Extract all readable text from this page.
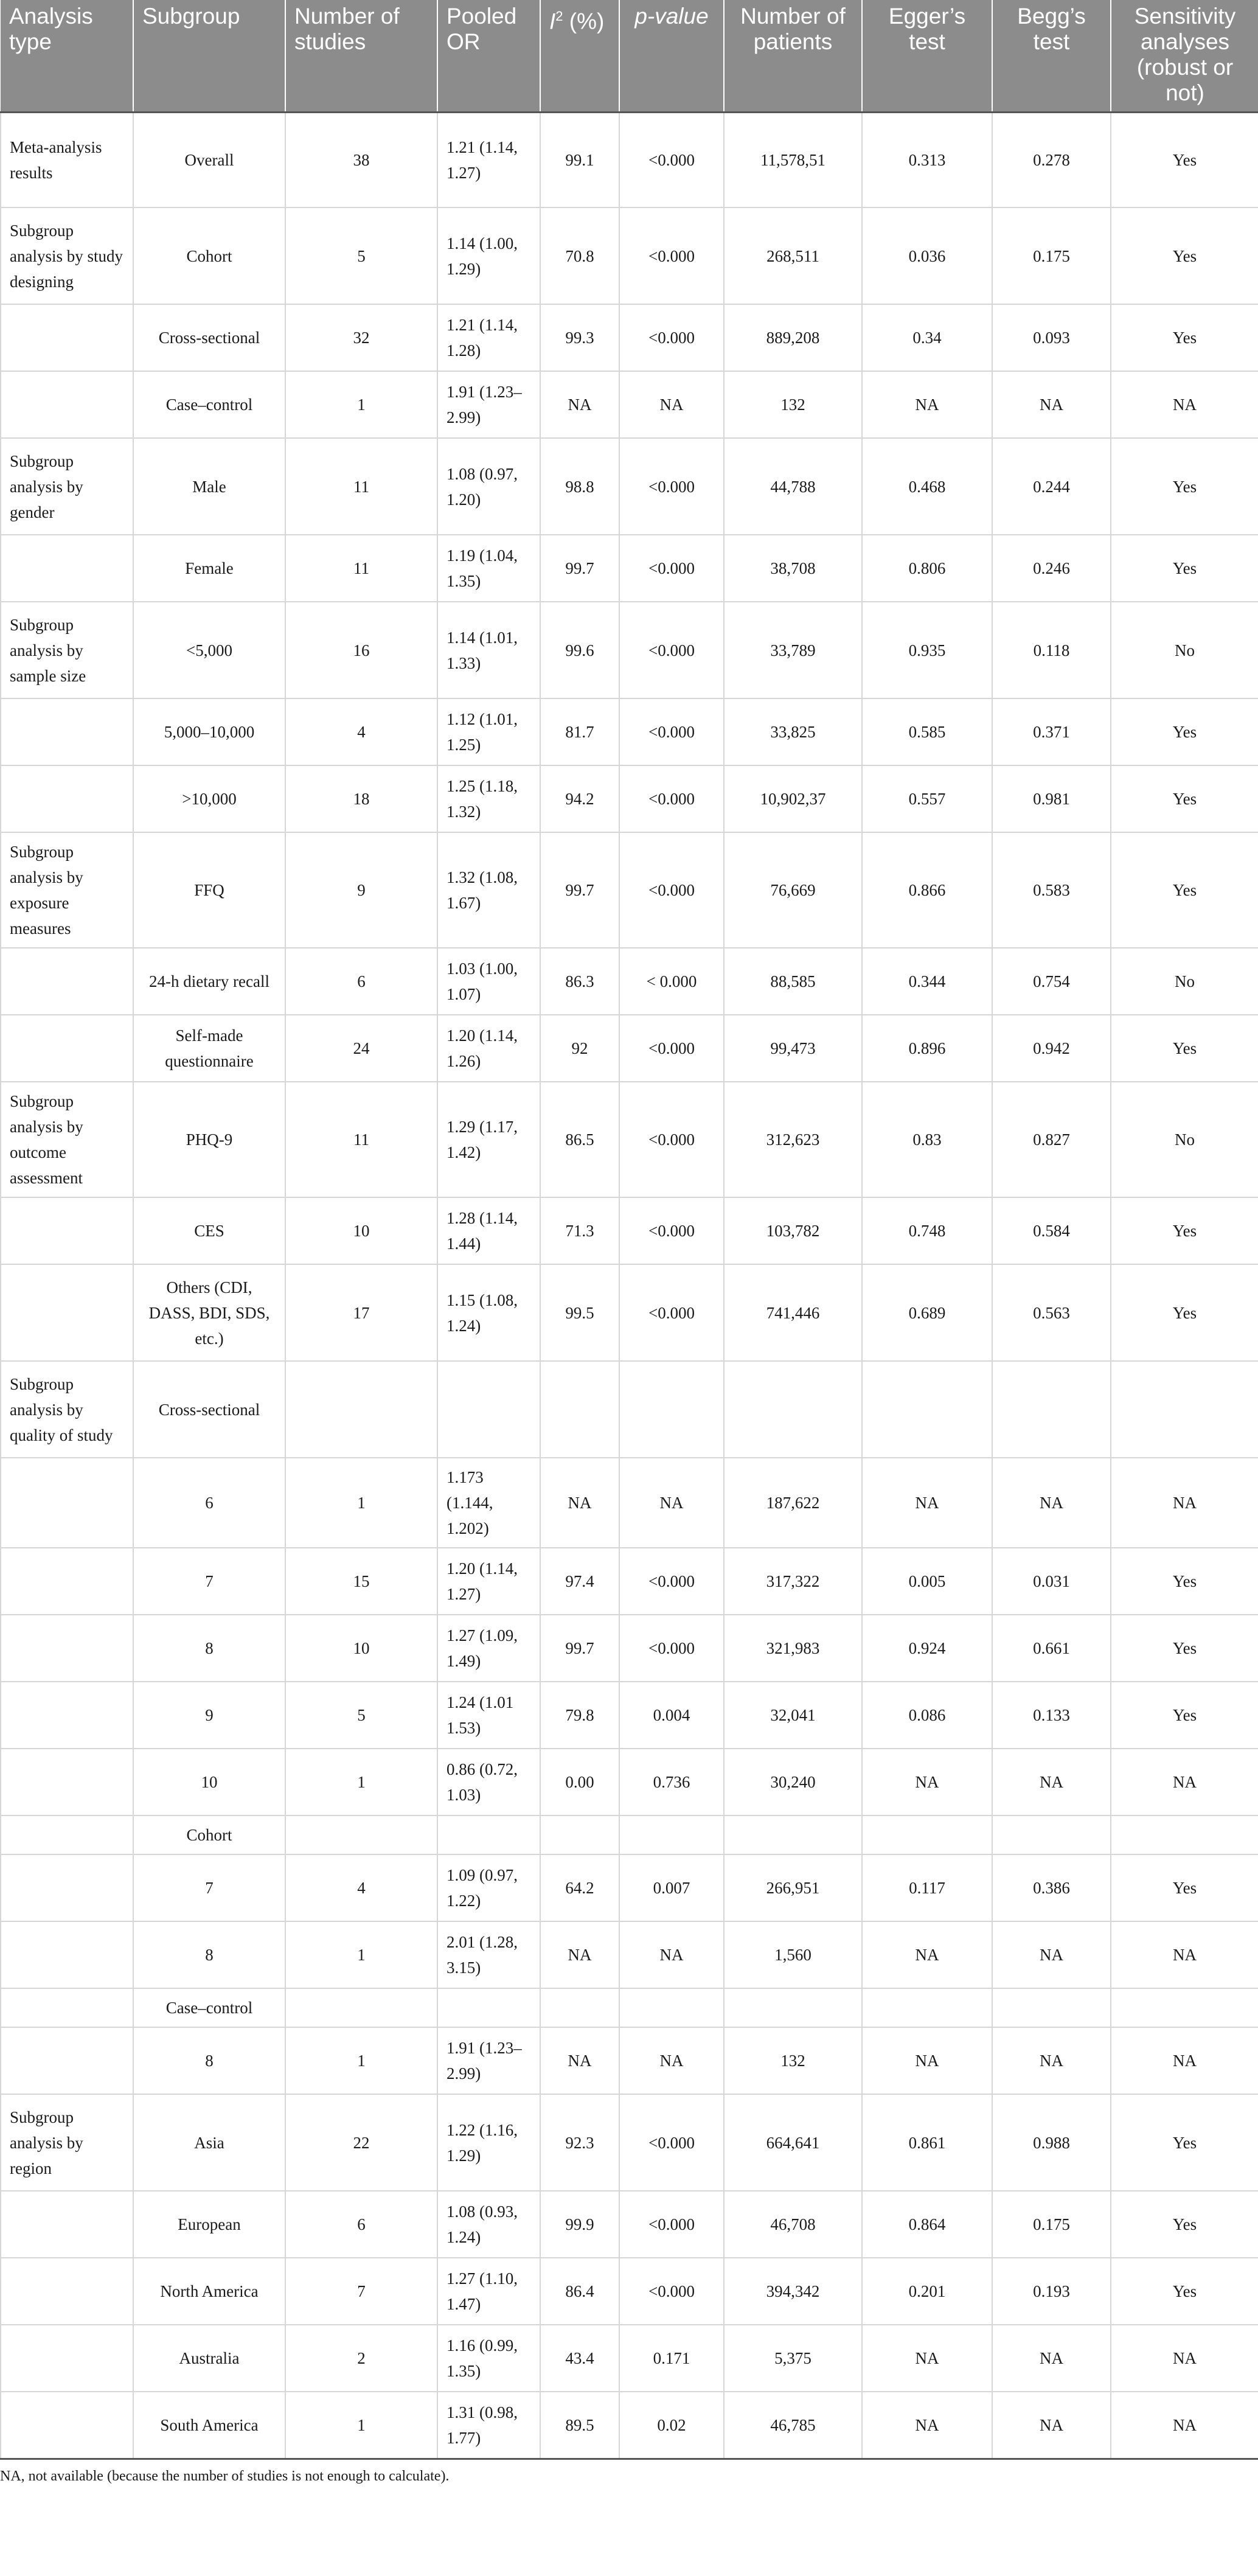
Analysis type	Subgroup	Number of studies	Pooled OR	$I^2$ (%)	p-value	Number of patients	Egger’s test	Begg’s test	Sensitivity analyses (robust or not)
Meta-analysis results	Overall	38	1.21 (1.14, 1.27)	99.1	<0.000	11,578,51	0.313	0.278	Yes
Subgroup analysis by study designing	Cohort	5	1.14 (1.00, 1.29)	70.8	<0.000	268,511	0.036	0.175	Yes
	Cross-sectional	32	1.21 (1.14, 1.28)	99.3	<0.000	889,208	0.34	0.093	Yes
	Case–control	1	1.91 (1.23–2.99)	NA	NA	132	NA	NA	NA
Subgroup analysis by gender	Male	11	1.08 (0.97, 1.20)	98.8	<0.000	44,788	0.468	0.244	Yes
	Female	11	1.19 (1.04, 1.35)	99.7	<0.000	38,708	0.806	0.246	Yes
Subgroup analysis by sample size	<5,000	16	1.14 (1.01, 1.33)	99.6	<0.000	33,789	0.935	0.118	No
	5,000–10,000	4	1.12 (1.01, 1.25)	81.7	<0.000	33,825	0.585	0.371	Yes
	>10,000	18	1.25 (1.18, 1.32)	94.2	<0.000	10,902,37	0.557	0.981	Yes
Subgroup analysis by exposure measures	FFQ	9	1.32 (1.08, 1.67)	99.7	<0.000	76,669	0.866	0.583	Yes
	24-h dietary recall	6	1.03 (1.00, 1.07)	86.3	< 0.000	88,585	0.344	0.754	No
	Self-made questionnaire	24	1.20 (1.14, 1.26)	92	<0.000	99,473	0.896	0.942	Yes
Subgroup analysis by outcome assessment	PHQ-9	11	1.29 (1.17, 1.42)	86.5	<0.000	312,623	0.83	0.827	No
	CES	10	1.28 (1.14, 1.44)	71.3	<0.000	103,782	0.748	0.584	Yes
	Others (CDI, DASS, BDI, SDS, etc.)	17	1.15 (1.08, 1.24)	99.5	<0.000	741,446	0.689	0.563	Yes
Subgroup analysis by quality of study	Cross-sectional								
	6	1	1.173 (1.144, 1.202)	NA	NA	187,622	NA	NA	NA
	7	15	1.20 (1.14, 1.27)	97.4	<0.000	317,322	0.005	0.031	Yes
	8	10	1.27 (1.09, 1.49)	99.7	<0.000	321,983	0.924	0.661	Yes
	9	5	1.24 (1.01 1.53)	79.8	0.004	32,041	0.086	0.133	Yes
	10	1	0.86 (0.72, 1.03)	0.00	0.736	30,240	NA	NA	NA
	Cohort								
	7	4	1.09 (0.97, 1.22)	64.2	0.007	266,951	0.117	0.386	Yes
	8	1	2.01 (1.28, 3.15)	NA	NA	1,560	NA	NA	NA
	Case–control								
	8	1	1.91 (1.23–2.99)	NA	NA	132	NA	NA	NA
Subgroup analysis by region	Asia	22	1.22 (1.16, 1.29)	92.3	<0.000	664,641	0.861	0.988	Yes
	European	6	1.08 (0.93, 1.24)	99.9	<0.000	46,708	0.864	0.175	Yes
	North America	7	1.27 (1.10, 1.47)	86.4	<0.000	394,342	0.201	0.193	Yes
	Australia	2	1.16 (0.99, 1.35)	43.4	0.171	5,375	NA	NA	NA
	South America	1	1.31 (0.98, 1.77)	89.5	0.02	46,785	NA	NA	NA
NA, not available (because the number of studies is not enough to calculate).
